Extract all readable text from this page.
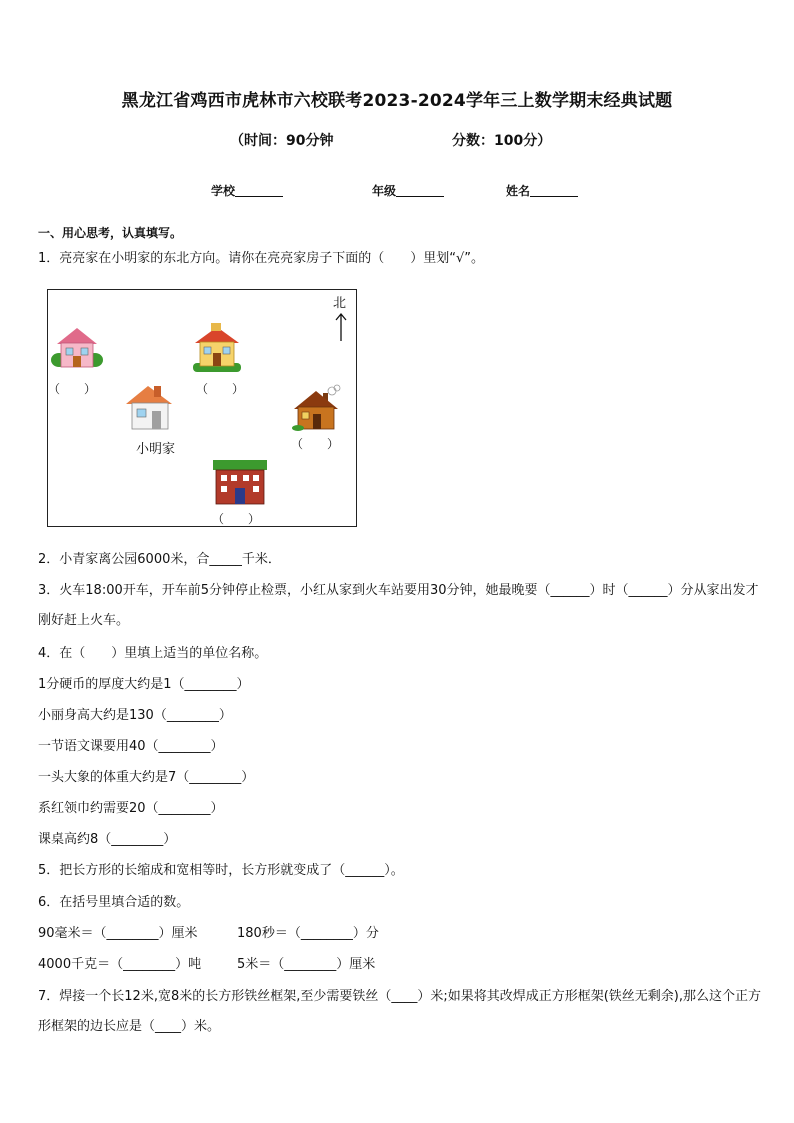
黑龙江省鸡西市虎林市六校联考2023-2024学年三上数学期末经典试题
（时间：90分钟	分数：100分）
学校	年级	姓名
一、用心思考，认真填写。
1．亮亮家在小明家的东北方向。请你在亮亮家房子下面的（　　）里划“√”。
北
（　　）	（　　）
小明家	（　　）
（　　）
2．小青家离公园6000米，合_____千米．
3．火车18:00开车，开车前5分钟停止检票，小红从家到火车站要用30分钟，她最晚要（______）时（______）分从家出发才刚好赶上火车。
4．在（　　）里填上适当的单位名称。
1分硬币的厚度大约是1（________）
小丽身高大约是130（________）
一节语文课要用40（________）
一头大象的体重大约是7（________）
系红领巾约需要20（________）
课桌高约8（________）
5．把长方形的长缩成和宽相等时，长方形就变成了（______）。
6．在括号里填合适的数。
90毫米＝（________）厘米	180秒＝（________）分
4000千克＝（________）吨	5米＝（________）厘米
7．焊接一个长12米,宽8米的长方形铁丝框架,至少需要铁丝（____）米;如果将其改焊成正方形框架(铁丝无剩余),那么这个正方形框架的边长应是（____）米。
